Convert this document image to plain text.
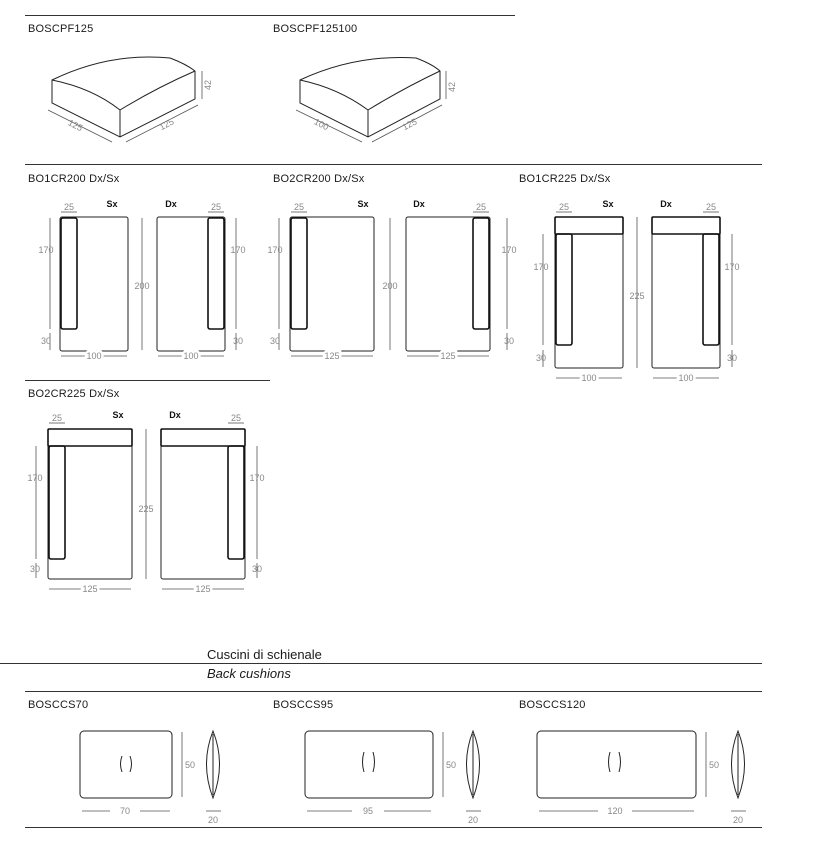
BOSCPF125	BOSCPF125100
BO1CR200 Dx/Sx	BO2CR200 Dx/Sx	BO1CR225 Dx/Sx
BO2CR225 Dx/Sx
Cuscini di schienale
Back cushions
BOSCCS70	BOSCCS95	BOSCCS120
42
125	125
42
100	125
Sx	Dx
25	25
170
30
200
170
30
100	100
Sx	Dx
25	25
170
30
200
170
30
125	125
Sx	Dx
25	25
170
30
225
170
30
100	100
Sx	Dx
25	25
170
30
225
170
30
125	125
50
70
20
50
95
20
50
120
20
